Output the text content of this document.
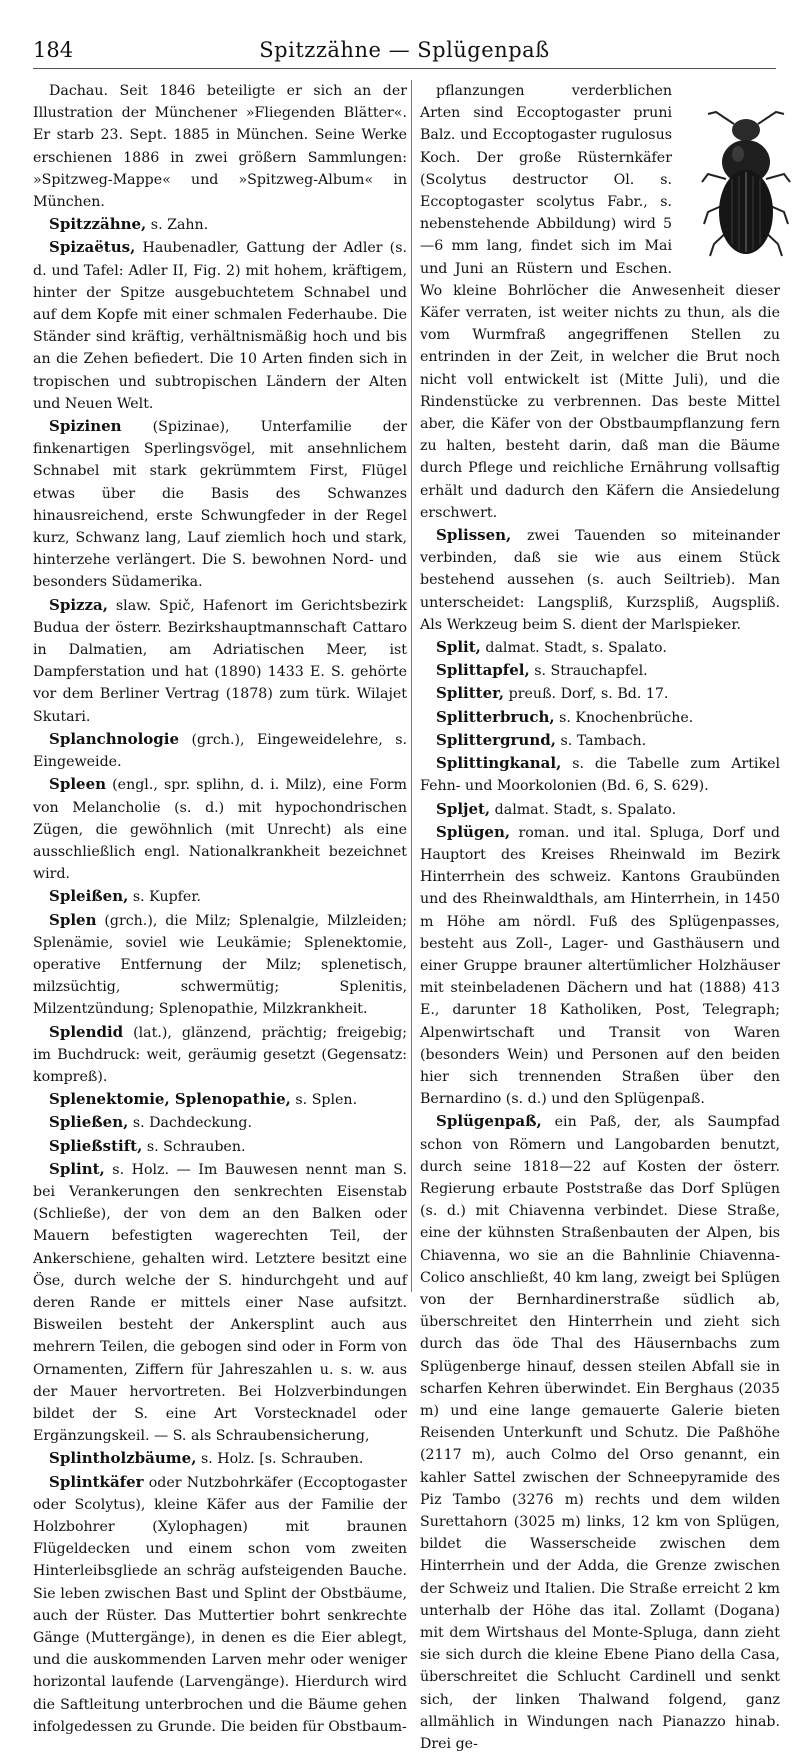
184	Spitzzähne — Splügenpaß

Dachau. Seit 1846 beteiligte er sich an der Illustration der Münchener »Fliegenden Blätter«. Er starb 23. Sept. 1885 in München. Seine Werke erschienen 1886 in zwei größern Sammlungen: »Spitzweg-Mappe« und »Spitzweg-Album« in München.

Spitzzähne, s. Zahn.

Spizaëtus, Haubenadler, Gattung der Adler (s. d. und Tafel: Adler II, Fig. 2) mit hohem, kräftigem, hinter der Spitze ausgebuchtetem Schnabel und auf dem Kopfe mit einer schmalen Federhaube. Die Ständer sind kräftig, verhältnismäßig hoch und bis an die Zehen befiedert. Die 10 Arten finden sich in tropischen und subtropischen Ländern der Alten und Neuen Welt.

Spizinen (Spizinae), Unterfamilie der finkenartigen Sperlingsvögel, mit ansehnlichem Schnabel mit stark gekrümmtem First, Flügel etwas über die Basis des Schwanzes hinausreichend, erste Schwungfeder in der Regel kurz, Schwanz lang, Lauf ziemlich hoch und stark, hinterzehe verlängert. Die S. bewohnen Nord- und besonders Südamerika.

Spizza, slaw. Spič, Hafenort im Gerichtsbezirk Budua der österr. Bezirkshauptmannschaft Cattaro in Dalmatien, am Adriatischen Meer, ist Dampferstation und hat (1890) 1433 E. S. gehörte vor dem Berliner Vertrag (1878) zum türk. Wilajet Skutari.

Splanchnologie (grch.), Eingeweidelehre, s. Eingeweide.

Spleen (engl., spr. splihn, d. i. Milz), eine Form von Melancholie (s. d.) mit hypochondrischen Zügen, die gewöhnlich (mit Unrecht) als eine ausschließlich engl. Nationalkrankheit bezeichnet wird.

Spleißen, s. Kupfer.

Splen (grch.), die Milz; Splenalgie, Milzleiden; Splenämie, soviel wie Leukämie; Splenektomie, operative Entfernung der Milz; splenetisch, milzsüchtig, schwermütig; Splenitis, Milzentzündung; Splenopathie, Milzkrankheit.

Splendid (lat.), glänzend, prächtig; freigebig; im Buchdruck: weit, geräumig gesetzt (Gegensatz: kompreß).

Splenektomie, Splenopathie, s. Splen.

Spließen, s. Dachdeckung.

Spließstift, s. Schrauben.

Splint, s. Holz. — Im Bauwesen nennt man S. bei Verankerungen den senkrechten Eisenstab (Schließe), der von dem an den Balken oder Mauern befestigten wagerechten Teil, der Ankerschiene, gehalten wird. Letztere besitzt eine Öse, durch welche der S. hindurchgeht und auf deren Rande er mittels einer Nase aufsitzt. Bisweilen besteht der Ankersplint auch aus mehrern Teilen, die gebogen sind oder in Form von Ornamenten, Ziffern für Jahreszahlen u. s. w. aus der Mauer hervortreten. Bei Holzverbindungen bildet der S. eine Art Vorstecknadel oder Ergänzungskeil. — S. als Schraubensicherung,

Splintholzbäume, s. Holz. [s. Schrauben.

Splintkäfer oder Nutzbohrkäfer (Eccoptogaster oder Scolytus), kleine Käfer aus der Familie der Holzbohrer (Xylophagen) mit braunen Flügeldecken und einem schon vom zweiten Hinterleibsgliede an schräg aufsteigenden Bauche. Sie leben zwischen Bast und Splint der Obstbäume, auch der Rüster. Das Muttertier bohrt senkrechte Gänge (Muttergänge), in denen es die Eier ablegt, und die auskommenden Larven mehr oder weniger horizontal laufende (Larvengänge). Hierdurch wird die Saftleitung unterbrochen und die Bäume gehen infolgedessen zu Grunde. Die beiden für Obstbaum-

pflanzungen verderblichen Arten sind Eccoptogaster pruni Balz. und Eccoptogaster rugulosus Koch. Der große Rüsternkäfer (Scolytus destructor Ol. s. Eccoptogaster scolytus Fabr., s. nebenstehende Abbildung) wird 5—6 mm lang, findet sich im Mai und Juni an Rüstern und Eschen. Wo kleine Bohrlöcher die Anwesenheit dieser Käfer verraten, ist weiter nichts zu thun, als die vom Wurmfraß angegriffenen Stellen zu entrinden in der Zeit, in welcher die Brut noch nicht voll entwickelt ist (Mitte Juli), und die Rindenstücke zu verbrennen. Das beste Mittel aber, die Käfer von der Obstbaumpflanzung fern zu halten, besteht darin, daß man die Bäume durch Pflege und reichliche Ernährung vollsaftig erhält und dadurch den Käfern die Ansiedelung erschwert.

Splissen, zwei Tauenden so miteinander verbinden, daß sie wie aus einem Stück bestehend aussehen (s. auch Seiltrieb). Man unterscheidet: Langspliß, Kurzspliß, Augspliß. Als Werkzeug beim S. dient der Marlspieker.

Split, dalmat. Stadt, s. Spalato.

Splittapfel, s. Strauchapfel.

Splitter, preuß. Dorf, s. Bd. 17.

Splitterbruch, s. Knochenbrüche.

Splittergrund, s. Tambach.

Splittingkanal, s. die Tabelle zum Artikel Fehn- und Moorkolonien (Bd. 6, S. 629).

Spljet, dalmat. Stadt, s. Spalato.

Splügen, roman. und ital. Spluga, Dorf und Hauptort des Kreises Rheinwald im Bezirk Hinterrhein des schweiz. Kantons Graubünden und des Rheinwaldthals, am Hinterrhein, in 1450 m Höhe am nördl. Fuß des Splügenpasses, besteht aus Zoll-, Lager- und Gasthäusern und einer Gruppe brauner altertümlicher Holzhäuser mit steinbeladenen Dächern und hat (1888) 413 E., darunter 18 Katholiken, Post, Telegraph; Alpenwirtschaft und Transit von Waren (besonders Wein) und Personen auf den beiden hier sich trennenden Straßen über den Bernardino (s. d.) und den Splügenpaß.

Splügenpaß, ein Paß, der, als Saumpfad schon von Römern und Langobarden benutzt, durch seine 1818—22 auf Kosten der österr. Regierung erbaute Poststraße das Dorf Splügen (s. d.) mit Chiavenna verbindet. Diese Straße, eine der kühnsten Straßenbauten der Alpen, bis Chiavenna, wo sie an die Bahnlinie Chiavenna-Colico anschließt, 40 km lang, zweigt bei Splügen von der Bernhardinerstraße südlich ab, überschreitet den Hinterrhein und zieht sich durch das öde Thal des Häusernbachs zum Splügenberge hinauf, dessen steilen Abfall sie in scharfen Kehren überwindet. Ein Berghaus (2035 m) und eine lange gemauerte Galerie bieten Reisenden Unterkunft und Schutz. Die Paßhöhe (2117 m), auch Colmo del Orso genannt, ein kahler Sattel zwischen der Schneepyramide des Piz Tambo (3276 m) rechts und dem wilden Surettahorn (3025 m) links, 12 km von Splügen, bildet die Wasserscheide zwischen dem Hinterrhein und der Adda, die Grenze zwischen der Schweiz und Italien. Die Straße erreicht 2 km unterhalb der Höhe das ital. Zollamt (Dogana) mit dem Wirtshaus del Monte-Spluga, dann zieht sie sich durch die kleine Ebene Piano della Casa, überschreitet die Schlucht Cardinell und senkt sich, der linken Thalwand folgend, ganz allmählich in Windungen nach Pianazzo hinab. Drei ge-
